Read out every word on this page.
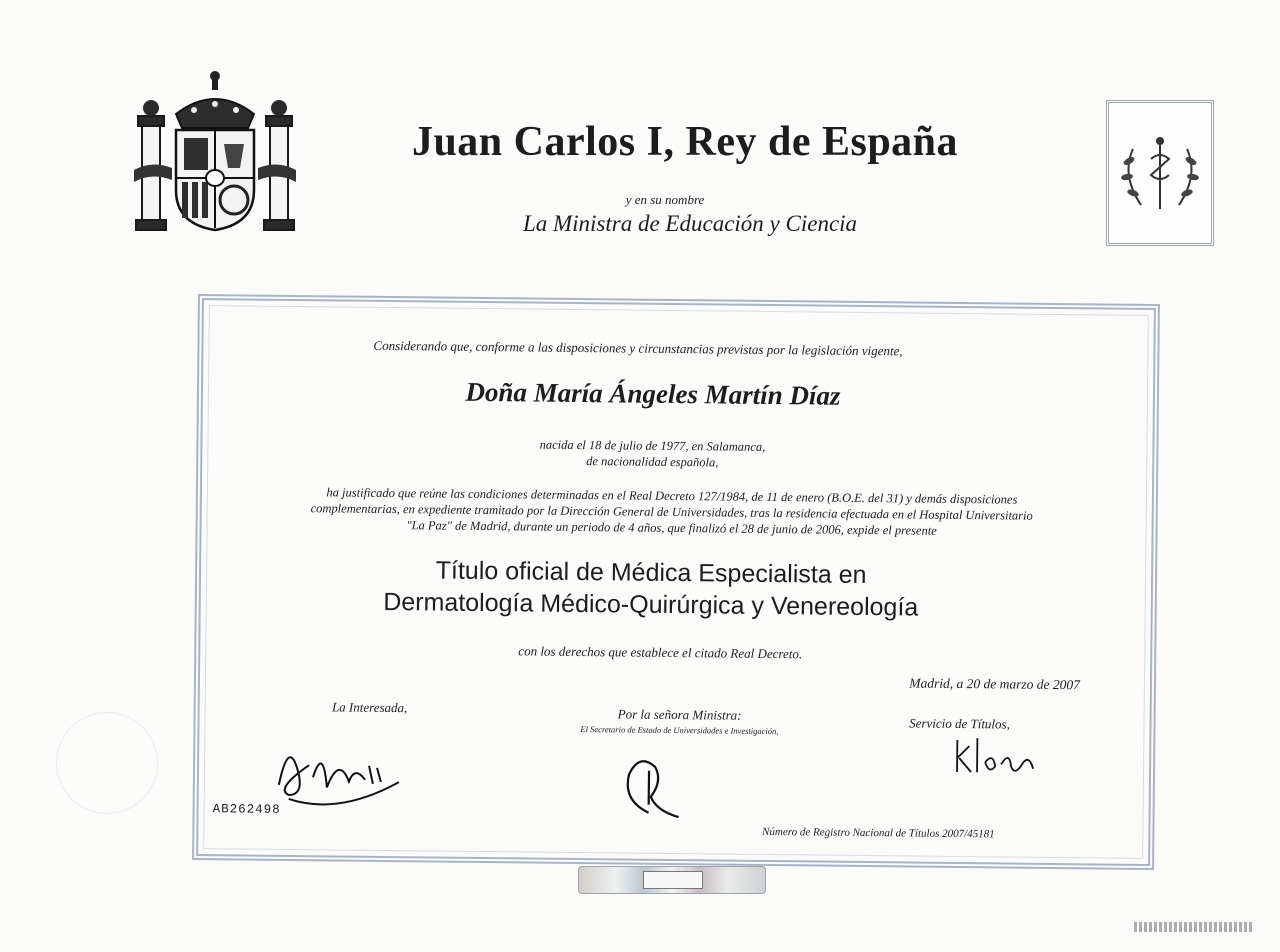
Juan Carlos I, Rey de España
y en su nombre
La Ministra de Educación y Ciencia
Considerando que, conforme a las disposiciones y circunstancias previstas por la legislación vigente,
Doña María Ángeles Martín Díaz
nacida el 18 de julio de 1977, en Salamanca,
de nacionalidad española,
ha justificado que reúne las condiciones determinadas en el Real Decreto 127/1984, de 11 de enero (B.O.E. del 31) y demás disposiciones
complementarias, en expediente tramitado por la Dirección General de Universidades, tras la residencia efectuada en el Hospital Universitario
"La Paz" de Madrid, durante un periodo de 4 años, que finalizó el 28 de junio de 2006, expide el presente
Título oficial de Médica Especialista en
Dermatología Médico-Quirúrgica y Venereología
con los derechos que establece el citado Real Decreto.
Madrid, a 20 de marzo de 2007
La Interesada,	Por la señora Ministra:
El Secretario de Estado de Universidades e Investigación,	Servicio de Títulos,
AB262498
Número de Registro Nacional de Títulos 2007/45181
